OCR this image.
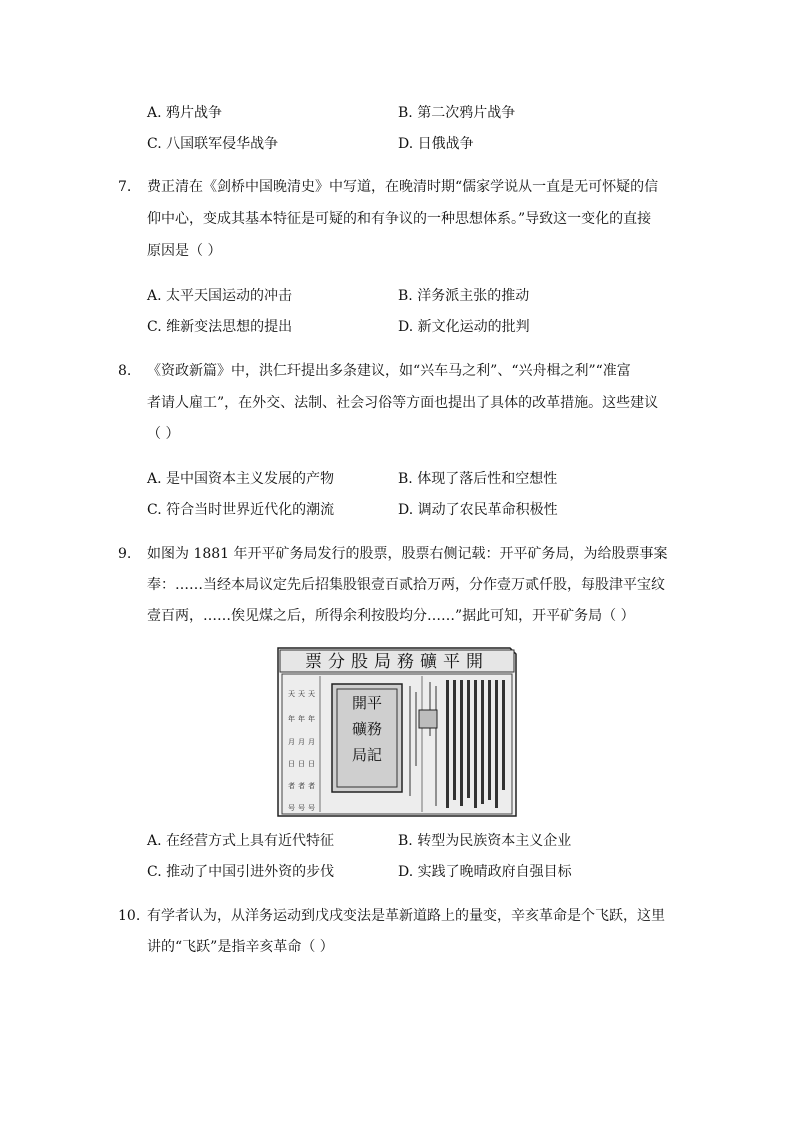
A. 鸦片战争	B. 第二次鸦片战争
C. 八国联军侵华战争	D. 日俄战争
7. 费正清在《剑桥中国晚清史》中写道，在晚清时期“儒家学说从一直是无可怀疑的信
仰中心，变成其基本特征是可疑的和有争议的一种思想体系。”导致这一变化的直接
原因是（ ）
A. 太平天国运动的冲击	B. 洋务派主张的推动
C. 维新变法思想的提出	D. 新文化运动的批判
8. 《资政新篇》中，洪仁玕提出多条建议，如“兴车马之利”、“兴舟楫之利”“准富
者请人雇工”，在外交、法制、社会习俗等方面也提出了具体的改革措施。这些建议
（ ）
A. 是中国资本主义发展的产物	B. 体现了落后性和空想性
C. 符合当时世界近代化的潮流	D. 调动了农民革命积极性
9. 如图为 1881 年开平矿务局发行的股票，股票右侧记载：开平矿务局，为给股票事案
奉：……当经本局议定先后招集股银壹百贰拾万两，分作壹万贰仟股，每股津平宝纹
壹百两，……俟见煤之后，所得余利按股均分……”据此可知，开平矿务局（ ）
票分股局務礦平開
天 天 天
年 年 年
月 月 月
日 日 日
者 者 者
号 号 号
開平
礦務
局記
A. 在经营方式上具有近代特征	B. 转型为民族资本主义企业
C. 推动了中国引进外资的步伐	D. 实践了晚晴政府自强目标
10. 有学者认为，从洋务运动到戊戌变法是革新道路上的量变，辛亥革命是个飞跃，这里
讲的“飞跃”是指辛亥革命（ ）
